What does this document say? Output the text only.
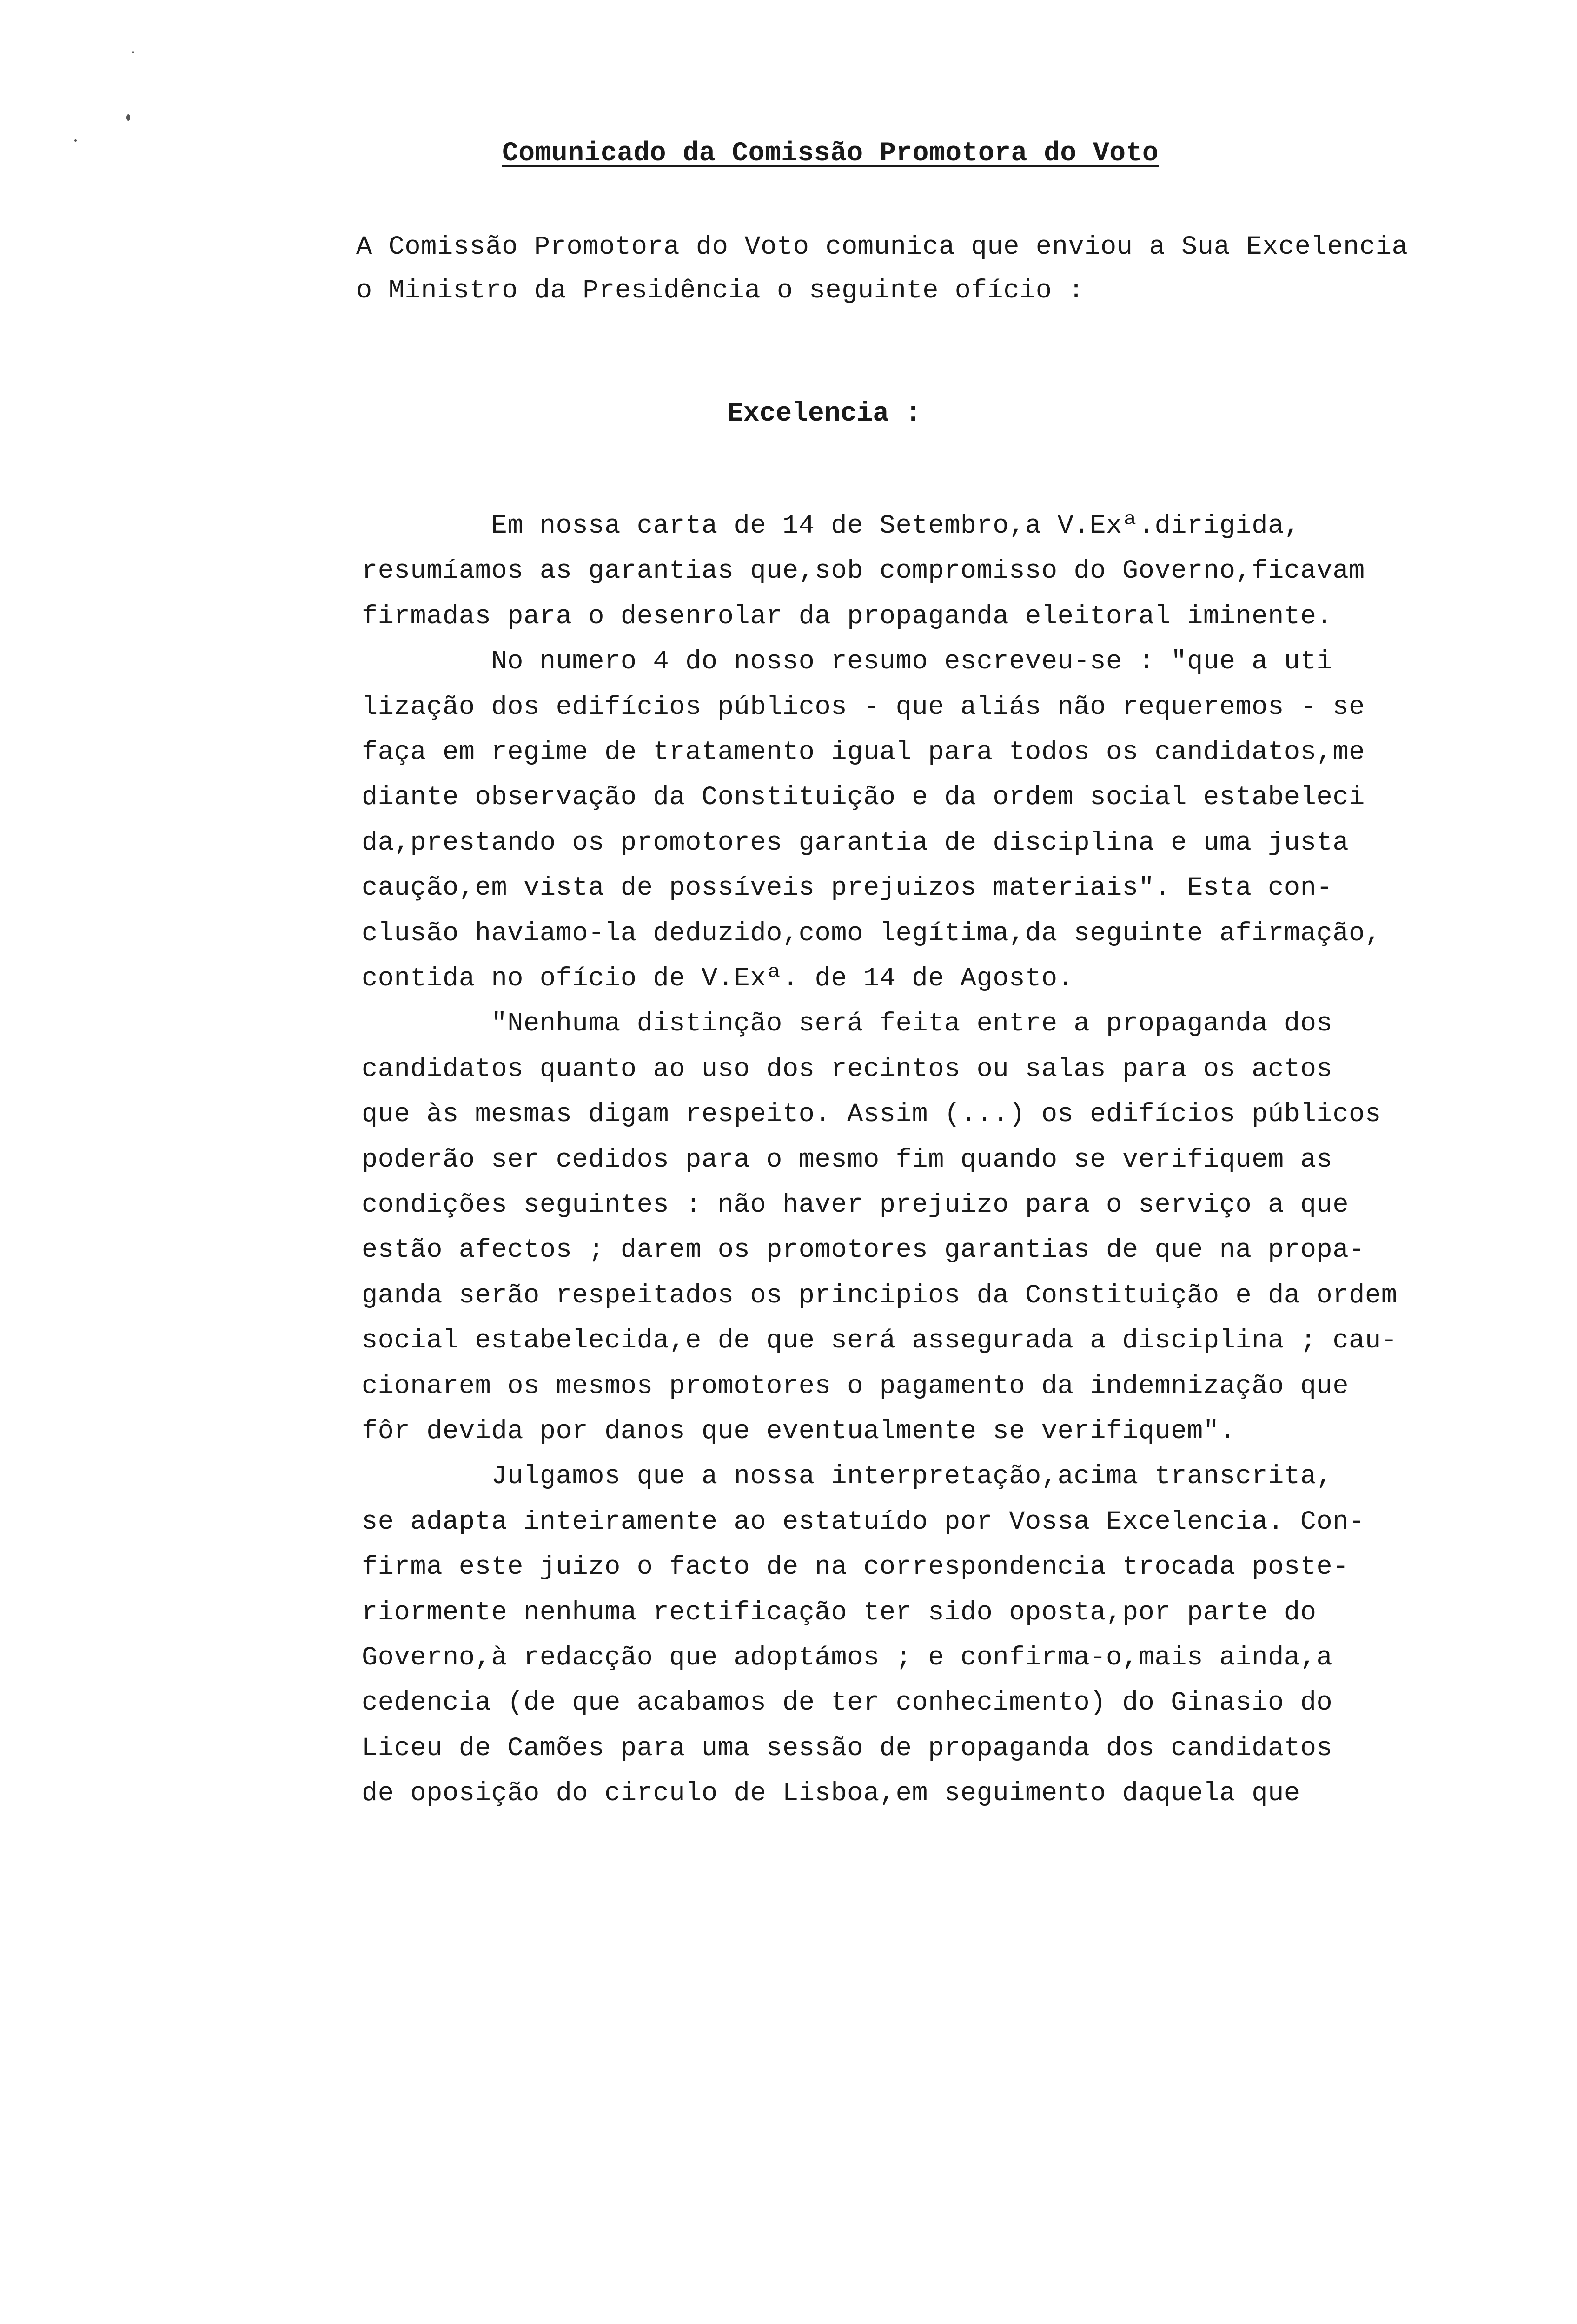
Comunicado da Comissão Promotora do Voto
A Comissão Promotora do Voto comunica que enviou a Sua Excelencia
o Ministro da Presidência o seguinte ofício :
Excelencia :
Em nossa carta de 14 de Setembro,a V.Exª.dirigida,
resumíamos as garantias que,sob compromisso do Governo,ficavam
firmadas para o desenrolar da propaganda eleitoral iminente.
No numero 4 do nosso resumo escreveu-se : "que a uti
lização dos edifícios públicos - que aliás não requeremos - se
faça em regime de tratamento igual para todos os candidatos,me
diante observação da Constituição e da ordem social estabeleci
da,prestando os promotores garantia de disciplina e uma justa
caução,em vista de possíveis prejuizos materiais". Esta con-
clusão haviamo-la deduzido,como legítima,da seguinte afirmação,
contida no ofício de V.Exª. de 14 de Agosto.
"Nenhuma distinção será feita entre a propaganda dos
candidatos quanto ao uso dos recintos ou salas para os actos
que às mesmas digam respeito. Assim (...) os edifícios públicos
poderão ser cedidos para o mesmo fim quando se verifiquem as
condições seguintes : não haver prejuizo para o serviço a que
estão afectos ; darem os promotores garantias de que na propa-
ganda serão respeitados os principios da Constituição e da ordem
social estabelecida,e de que será assegurada a disciplina ; cau-
cionarem os mesmos promotores o pagamento da indemnização que
fôr devida por danos que eventualmente se verifiquem".
Julgamos que a nossa interpretação,acima transcrita,
se adapta inteiramente ao estatuído por Vossa Excelencia. Con-
firma este juizo o facto de na correspondencia trocada poste-
riormente nenhuma rectificação ter sido oposta,por parte do
Governo,à redacção que adoptámos ; e confirma-o,mais ainda,a
cedencia (de que acabamos de ter conhecimento) do Ginasio do
Liceu de Camões para uma sessão de propaganda dos candidatos
de oposição do circulo de Lisboa,em seguimento daquela que
